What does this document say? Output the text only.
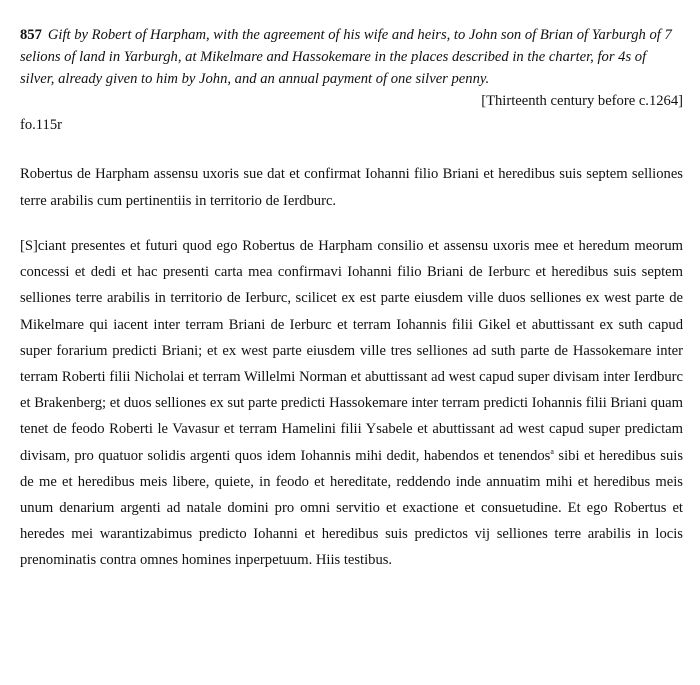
857 Gift by Robert of Harpham, with the agreement of his wife and heirs, to John son of Brian of Yarburgh of 7 selions of land in Yarburgh, at Mikelmare and Hassokemare in the places described in the charter, for 4s of silver, already given to him by John, and an annual payment of one silver penny.

[Thirteenth century before c.1264]

fo.115r

Robertus de Harpham assensu uxoris sue dat et confirmat Iohanni filio Briani et heredibus suis septem selliones terre arabilis cum pertinentiis in territorio de Ierdburc.

[S]ciant presentes et futuri quod ego Robertus de Harpham consilio et assensu uxoris mee et heredum meorum concessi et dedi et hac presenti carta mea confirmavi Iohanni filio Briani de Ierburc et heredibus suis septem selliones terre arabilis in territorio de Ierburc, scilicet ex est parte eiusdem ville duos selliones ex west parte de Mikelmare qui iacent inter terram Briani de Ierburc et terram Iohannis filii Gikel et abuttissant ex suth capud super forarium predicti Briani; et ex west parte eiusdem ville tres selliones ad suth parte de Hassokemare inter terram Roberti filii Nicholai et terram Willelmi Norman et abuttissant ad west capud super divisam inter Ierdburc et Brakenberg; et duos selliones ex sut parte predicti Hassokemare inter terram predicti Iohannis filii Briani quam tenet de feodo Roberti le Vavasur et terram Hamelini filii Ysabele et abuttissant ad west capud super predictam divisam, pro quatuor solidis argenti quos idem Iohannis mihi dedit, habendos et tenendos$^a$ sibi et heredibus suis de me et heredibus meis libere, quiete, in feodo et hereditate, reddendo inde annuatim mihi et heredibus meis unum denarium argenti ad natale domini pro omni servitio et exactione et consuetudine. Et ego Robertus et heredes mei warantizabimus predicto Iohanni et heredibus suis predictos vij selliones terre arabilis in locis prenominatis contra omnes homines inperpetuum. Hiis testibus.
